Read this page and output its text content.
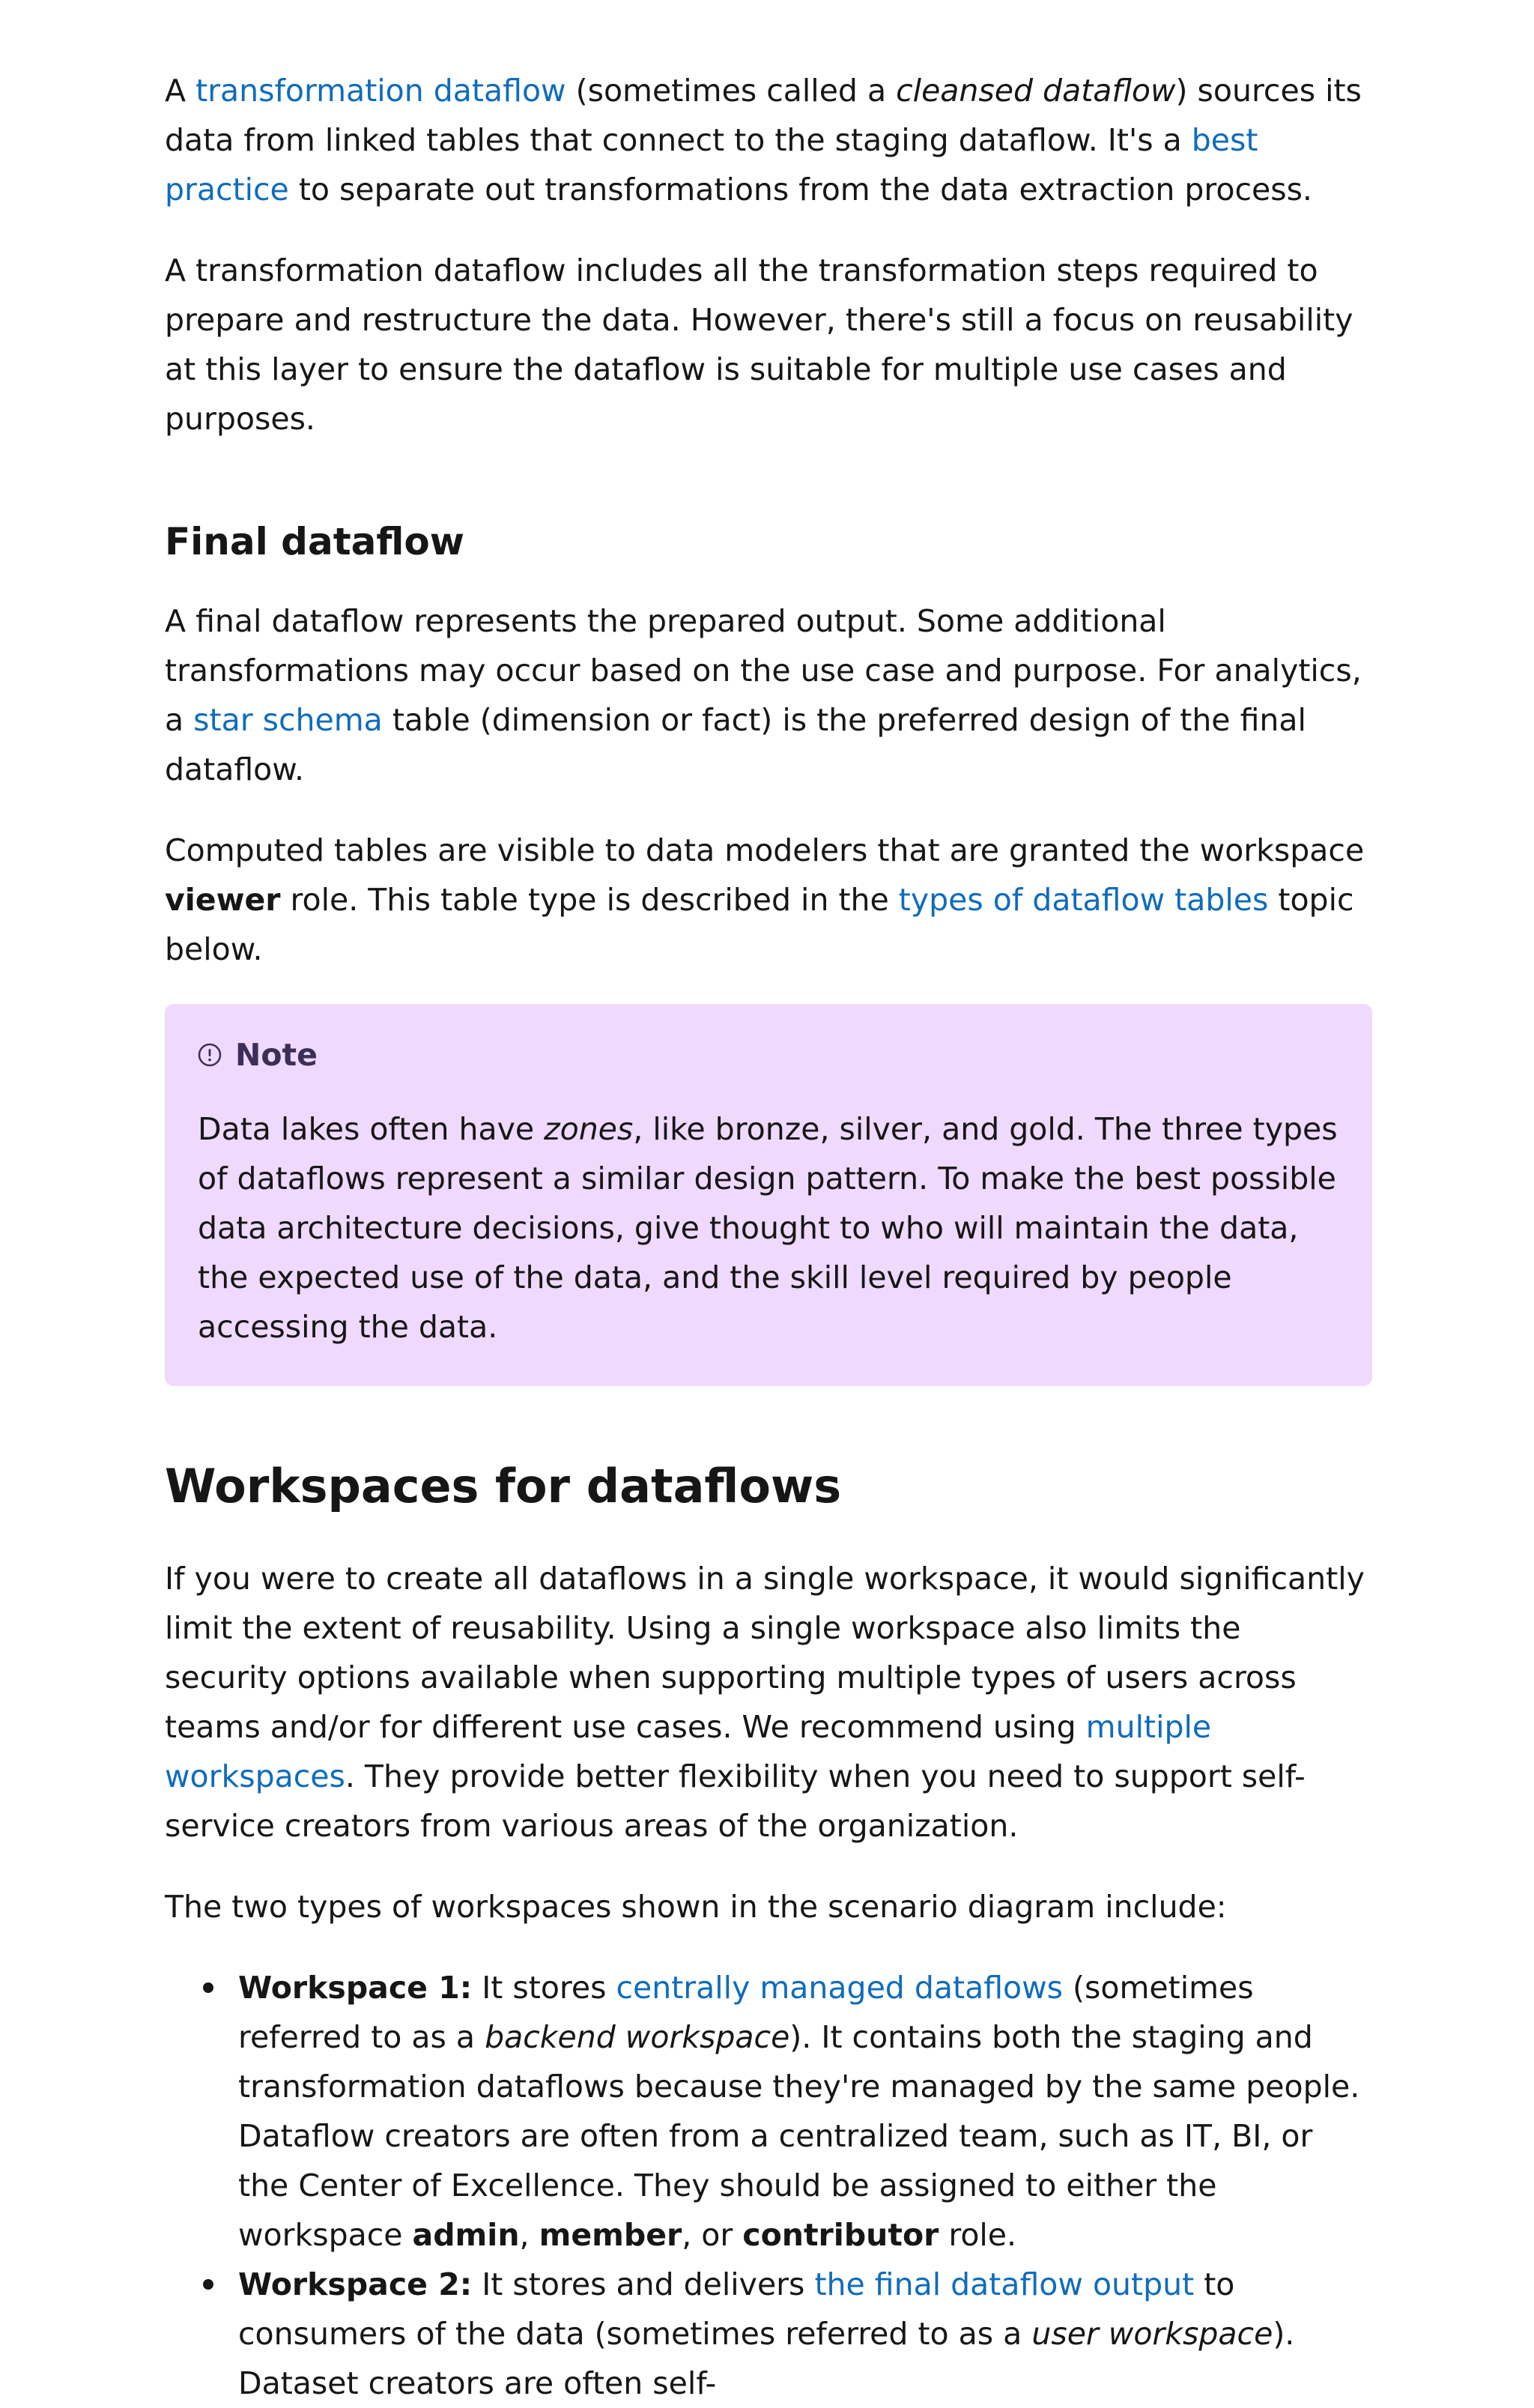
A transformation dataflow (sometimes called a cleansed dataflow) sources its data from linked tables that connect to the staging dataflow. It's a best practice to separate out transformations from the data extraction process.

A transformation dataflow includes all the transformation steps required to prepare and restructure the data. However, there's still a focus on reusability at this layer to ensure the dataflow is suitable for multiple use cases and purposes.

Final dataflow

A final dataflow represents the prepared output. Some additional transformations may occur based on the use case and purpose. For analytics, a star schema table (dimension or fact) is the preferred design of the final dataflow.

Computed tables are visible to data modelers that are granted the workspace viewer role. This table type is described in the types of dataflow tables topic below.

Note

Data lakes often have zones, like bronze, silver, and gold. The three types of dataflows represent a similar design pattern. To make the best possible data architecture decisions, give thought to who will maintain the data, the expected use of the data, and the skill level required by people accessing the data.

Workspaces for dataflows

If you were to create all dataflows in a single workspace, it would significantly limit the extent of reusability. Using a single workspace also limits the security options available when supporting multiple types of users across teams and/or for different use cases. We recommend using multiple workspaces. They provide better flexibility when you need to support self-service creators from various areas of the organization.

The two types of workspaces shown in the scenario diagram include:

Workspace 1: It stores centrally managed dataflows (sometimes referred to as a backend workspace). It contains both the staging and transformation dataflows because they're managed by the same people. Dataflow creators are often from a centralized team, such as IT, BI, or the Center of Excellence. They should be assigned to either the workspace admin, member, or contributor role.
Workspace 2: It stores and delivers the final dataflow output to consumers of the data (sometimes referred to as a user workspace). Dataset creators are often self-
